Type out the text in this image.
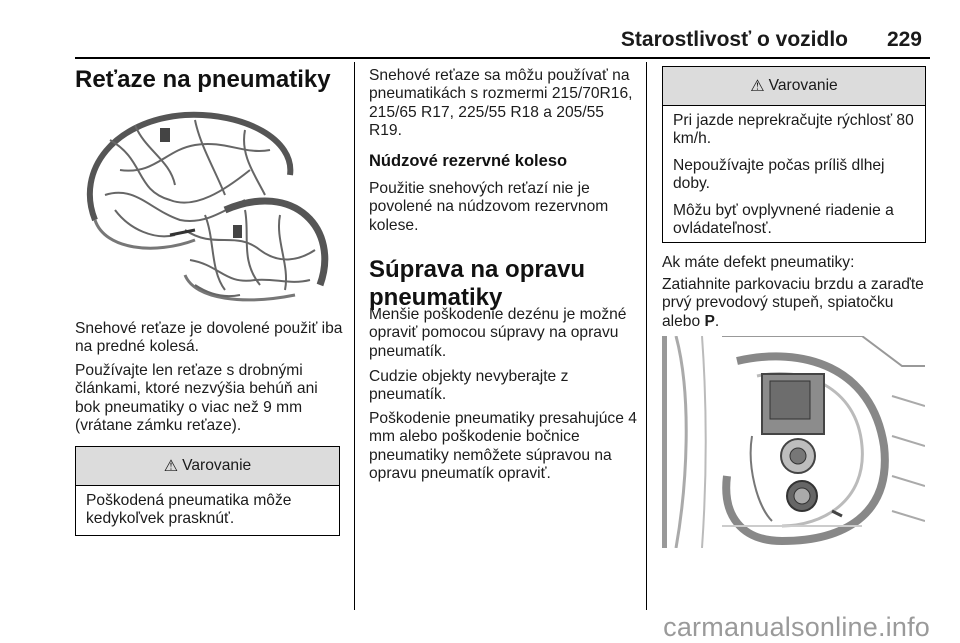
Starostlivosť o vozidlo 229
Reťaze na pneumatiky
Snehové reťaze je dovolené použiť iba na predné kolesá.
Používajte len reťaze s drobnými článkami, ktoré nezvýšia behúň ani bok pneumatiky o viac než 9 mm (vrátane zámku reťaze).
⚠ Varovanie

Poškodená pneumatika môže kedykoľvek prasknúť.

Snehové reťaze sa môžu používať na pneumatikách s rozmermi 215/70R16, 215/65 R17, 225/55 R18 a 205/55 R19.
Núdzové rezervné koleso
Použitie snehových reťazí nie je povolené na núdzovom rezervnom kolese.
Súprava na opravu
pneumatiky
Menšie poškodenie dezénu je možné opraviť pomocou súpravy na opravu pneumatík.
Cudzie objekty nevyberajte z pneumatík.
Poškodenie pneumatiky presahujúce 4 mm alebo poškodenie bočnice pneumatiky nemôžete súpravou na opravu pneumatík opraviť.
⚠ Varovanie

Pri jazde neprekračujte rýchlosť 80 km/h.

Nepoužívajte počas príliš dlhej doby.

Môžu byť ovplyvnené riadenie a ovládateľnosť.

Ak máte defekt pneumatiky:
Zatiahnite parkovaciu brzdu a zaraďte prvý prevodový stupeň, spiatočku alebo P.
carmanualsonline.info
